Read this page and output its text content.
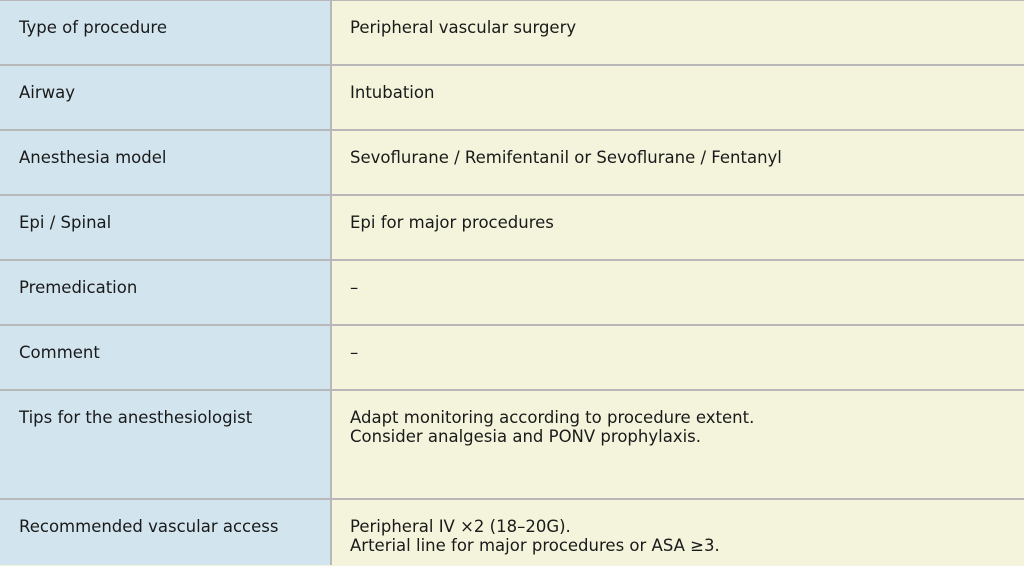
Type of procedure	Peripheral vascular surgery
Airway	Intubation
Anesthesia model	Sevoflurane / Remifentanil or Sevoflurane / Fentanyl
Epi / Spinal	Epi for major procedures
Premedication	–
Comment	–
Tips for the anesthesiologist	Adapt monitoring according to procedure extent.
Consider analgesia and PONV prophylaxis.
Recommended vascular access	Peripheral IV ×2 (18–20G).
Arterial line for major procedures or ASA ≥3.
